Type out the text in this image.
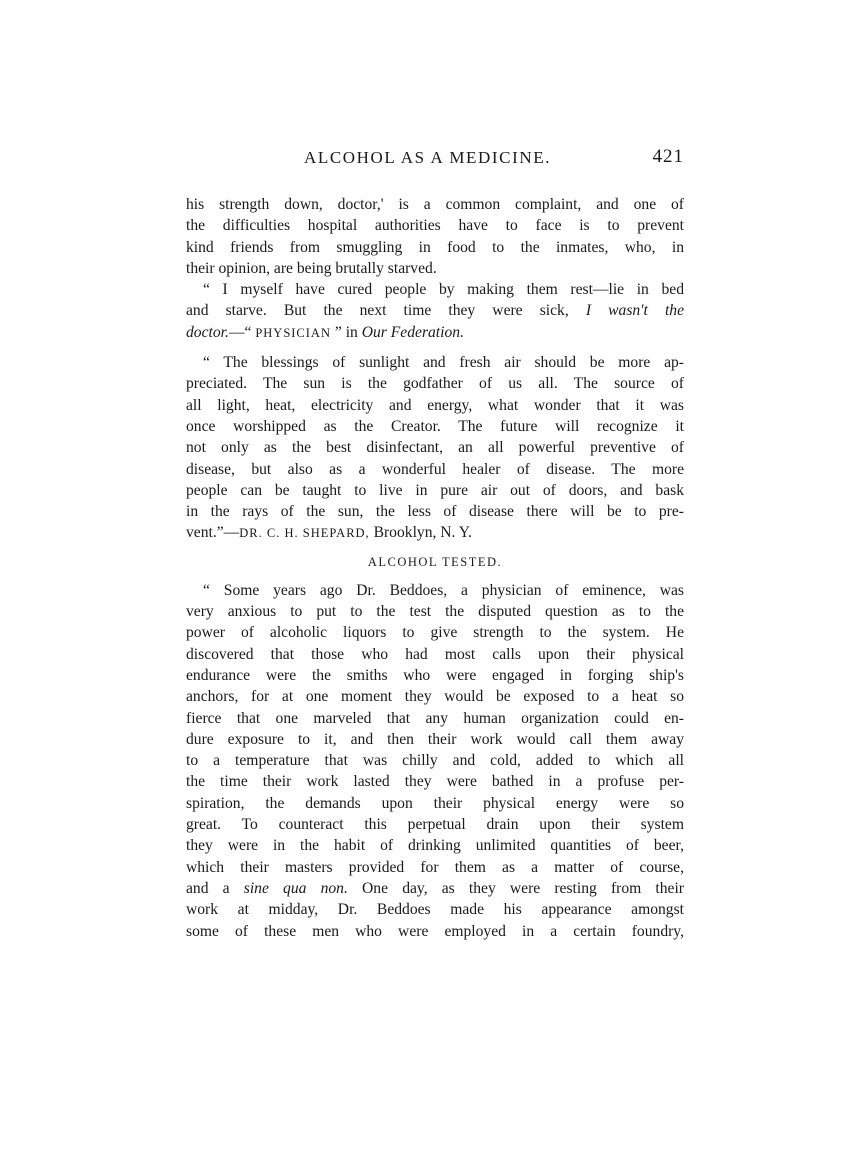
ALCOHOL AS A MEDICINE.	421
his strength down, doctor,' is a common complaint, and one of
the difficulties hospital authorities have to face is to prevent
kind friends from smuggling in food to the inmates, who, in
their opinion, are being brutally starved.
“ I myself have cured people by making them rest—lie in bed
and starve. But the next time they were sick, I wasn't the
doctor.—“ PHYSICIAN ” in Our Federation.
“ The blessings of sunlight and fresh air should be more ap-
preciated. The sun is the godfather of us all. The source of
all light, heat, electricity and energy, what wonder that it was
once worshipped as the Creator. The future will recognize it
not only as the best disinfectant, an all powerful preventive of
disease, but also as a wonderful healer of disease. The more
people can be taught to live in pure air out of doors, and bask
in the rays of the sun, the less of disease there will be to pre-
vent.”—DR. C. H. SHEPARD, Brooklyn, N. Y.
ALCOHOL TESTED.
“ Some years ago Dr. Beddoes, a physician of eminence, was
very anxious to put to the test the disputed question as to the
power of alcoholic liquors to give strength to the system. He
discovered that those who had most calls upon their physical
endurance were the smiths who were engaged in forging ship's
anchors, for at one moment they would be exposed to a heat so
fierce that one marveled that any human organization could en-
dure exposure to it, and then their work would call them away
to a temperature that was chilly and cold, added to which all
the time their work lasted they were bathed in a profuse per-
spiration, the demands upon their physical energy were so
great. To counteract this perpetual drain upon their system
they were in the habit of drinking unlimited quantities of beer,
which their masters provided for them as a matter of course,
and a sine qua non. One day, as they were resting from their
work at midday, Dr. Beddoes made his appearance amongst
some of these men who were employed in a certain foundry,
